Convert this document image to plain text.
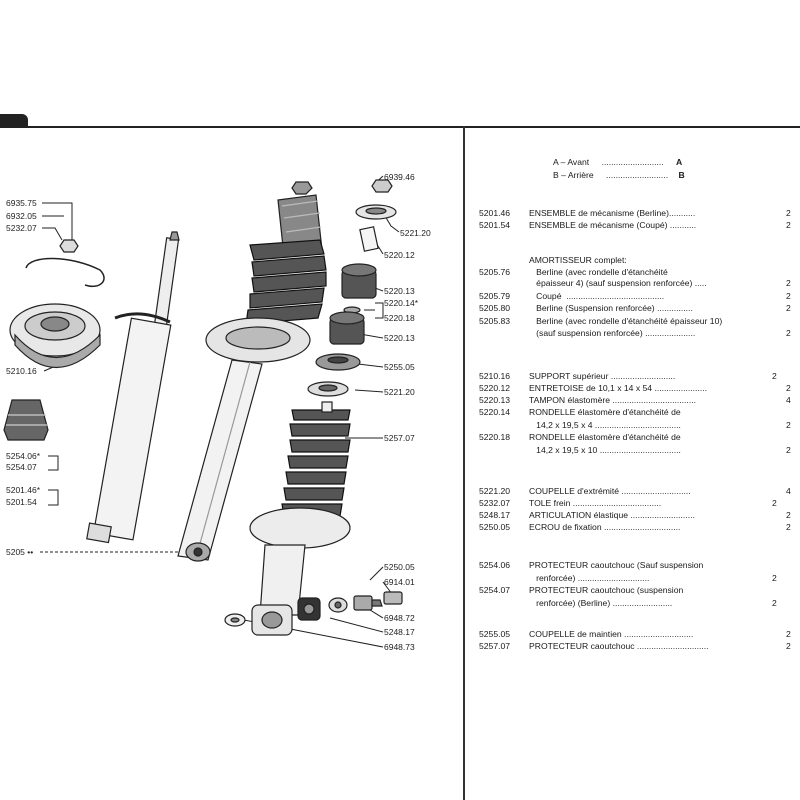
6935.75
6932.05
5232.07
5210.16
5254.06*
5254.07
5201.46*
5201.54
5205 ••
6939.46
5221.20
5220.12
5220.13
5220.14*
5220.18
5220.13
5255.05
5221.20
5257.07
5250.05
6914.01
6948.72
5248.17
6948.73
A – Avant .......................... A
B – Arrière .......................... B
5201.46 ENSEMBLE de mécanisme (Berline)...........	2
5201.54 ENSEMBLE de mécanisme (Coupé) ...........	2
AMORTISSEUR complet:
5205.76 Berline (avec rondelle d'étanchéité
épaisseur 4) (sauf suspension renforcée) .....	2
5205.79 Coupé  .........................................	2
5205.80 Berline (Suspension renforcée) ...............	2
5205.83 Berline (avec rondelle d'étanchéité épaisseur 10)
(sauf suspension renforcée) .....................	2
5210.16 SUPPORT supérieur ...........................	2
5220.12 ENTRETOISE de 10,1 x 14 x 54 ......................	2
5220.13 TAMPON élastomère ...................................	4
5220.14 RONDELLE élastomère d'étanchéité de
14,2 x 19,5 x 4 ....................................	2
5220.18 RONDELLE élastomère d'étanchéité de
14,2 x 19,5 x 10 ..................................	2
5221.20 COUPELLE d'extrémité .............................	4
5232.07 TOLE frein .....................................	2
5248.17 ARTICULATION élastique ...........................	2
5250.05 ECROU de fixation ................................	2
5254.06 PROTECTEUR caoutchouc (Sauf suspension
renforcée) ..............................	2
5254.07 PROTECTEUR caoutchouc (suspension
renforcée) (Berline) .........................	2
5255.05 COUPELLE de maintien .............................	2
5257.07 PROTECTEUR caoutchouc ..............................	2
